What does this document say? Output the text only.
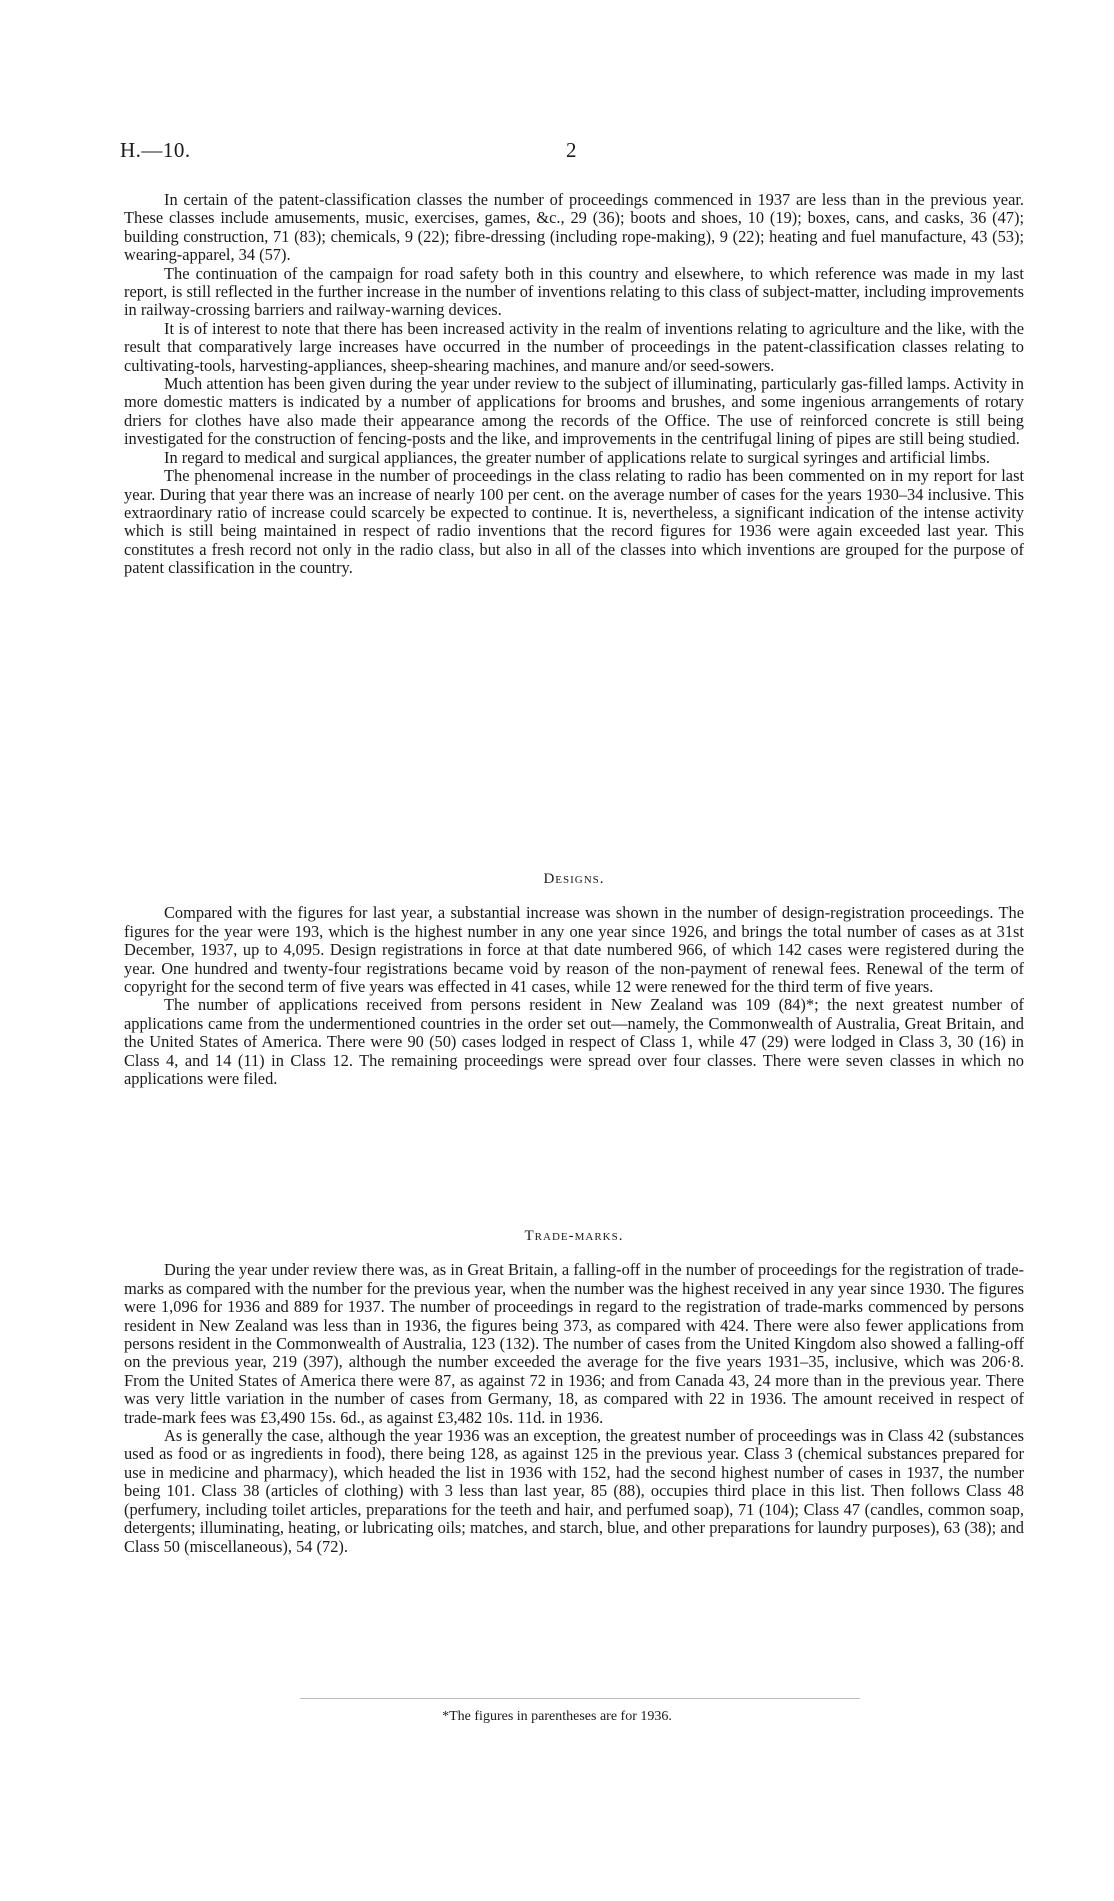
H.—10.	2

In certain of the patent-classification classes the number of proceedings commenced in 1937 are less than in the previous year. These classes include amusements, music, exercises, games, &c., 29 (36); boots and shoes, 10 (19); boxes, cans, and casks, 36 (47); building construction, 71 (83); chemicals, 9 (22); fibre-dressing (including rope-making), 9 (22); heating and fuel manufacture, 43 (53); wearing-apparel, 34 (57).

The continuation of the campaign for road safety both in this country and elsewhere, to which reference was made in my last report, is still reflected in the further increase in the number of inventions relating to this class of subject-matter, including improvements in railway-crossing barriers and railway-warning devices.

It is of interest to note that there has been increased activity in the realm of inventions relating to agriculture and the like, with the result that comparatively large increases have occurred in the number of proceedings in the patent-classification classes relating to cultivating-tools, harvesting-appliances, sheep-shearing machines, and manure and/or seed-sowers.

Much attention has been given during the year under review to the subject of illuminating, particularly gas-filled lamps. Activity in more domestic matters is indicated by a number of applications for brooms and brushes, and some ingenious arrangements of rotary driers for clothes have also made their appearance among the records of the Office. The use of reinforced concrete is still being investigated for the construction of fencing-posts and the like, and improvements in the centrifugal lining of pipes are still being studied.

In regard to medical and surgical appliances, the greater number of applications relate to surgical syringes and artificial limbs.

The phenomenal increase in the number of proceedings in the class relating to radio has been commented on in my report for last year. During that year there was an increase of nearly 100 per cent. on the average number of cases for the years 1930–34 inclusive. This extraordinary ratio of increase could scarcely be expected to continue. It is, nevertheless, a significant indication of the intense activity which is still being maintained in respect of radio inventions that the record figures for 1936 were again exceeded last year. This constitutes a fresh record not only in the radio class, but also in all of the classes into which inventions are grouped for the purpose of patent classification in the country.

Designs.

Compared with the figures for last year, a substantial increase was shown in the number of design-registration proceedings. The figures for the year were 193, which is the highest number in any one year since 1926, and brings the total number of cases as at 31st December, 1937, up to 4,095. Design registrations in force at that date numbered 966, of which 142 cases were registered during the year. One hundred and twenty-four registrations became void by reason of the non-payment of renewal fees. Renewal of the term of copyright for the second term of five years was effected in 41 cases, while 12 were renewed for the third term of five years.

The number of applications received from persons resident in New Zealand was 109 (84)*; the next greatest number of applications came from the undermentioned countries in the order set out—namely, the Commonwealth of Australia, Great Britain, and the United States of America. There were 90 (50) cases lodged in respect of Class 1, while 47 (29) were lodged in Class 3, 30 (16) in Class 4, and 14 (11) in Class 12. The remaining proceedings were spread over four classes. There were seven classes in which no applications were filed.

Trade-marks.

During the year under review there was, as in Great Britain, a falling-off in the number of proceedings for the registration of trade-marks as compared with the number for the previous year, when the number was the highest received in any year since 1930. The figures were 1,096 for 1936 and 889 for 1937. The number of proceedings in regard to the registration of trade-marks commenced by persons resident in New Zealand was less than in 1936, the figures being 373, as compared with 424. There were also fewer applications from persons resident in the Commonwealth of Australia, 123 (132). The number of cases from the United Kingdom also showed a falling-off on the previous year, 219 (397), although the number exceeded the average for the five years 1931–35, inclusive, which was 206·8. From the United States of America there were 87, as against 72 in 1936; and from Canada 43, 24 more than in the previous year. There was very little variation in the number of cases from Germany, 18, as compared with 22 in 1936. The amount received in respect of trade-mark fees was £3,490 15s. 6d., as against £3,482 10s. 11d. in 1936.

As is generally the case, although the year 1936 was an exception, the greatest number of proceedings was in Class 42 (substances used as food or as ingredients in food), there being 128, as against 125 in the previous year. Class 3 (chemical substances prepared for use in medicine and pharmacy), which headed the list in 1936 with 152, had the second highest number of cases in 1937, the number being 101. Class 38 (articles of clothing) with 3 less than last year, 85 (88), occupies third place in this list. Then follows Class 48 (perfumery, including toilet articles, preparations for the teeth and hair, and perfumed soap), 71 (104); Class 47 (candles, common soap, detergents; illuminating, heating, or lubricating oils; matches, and starch, blue, and other preparations for laundry purposes), 63 (38); and Class 50 (miscellaneous), 54 (72).

*The figures in parentheses are for 1936.
